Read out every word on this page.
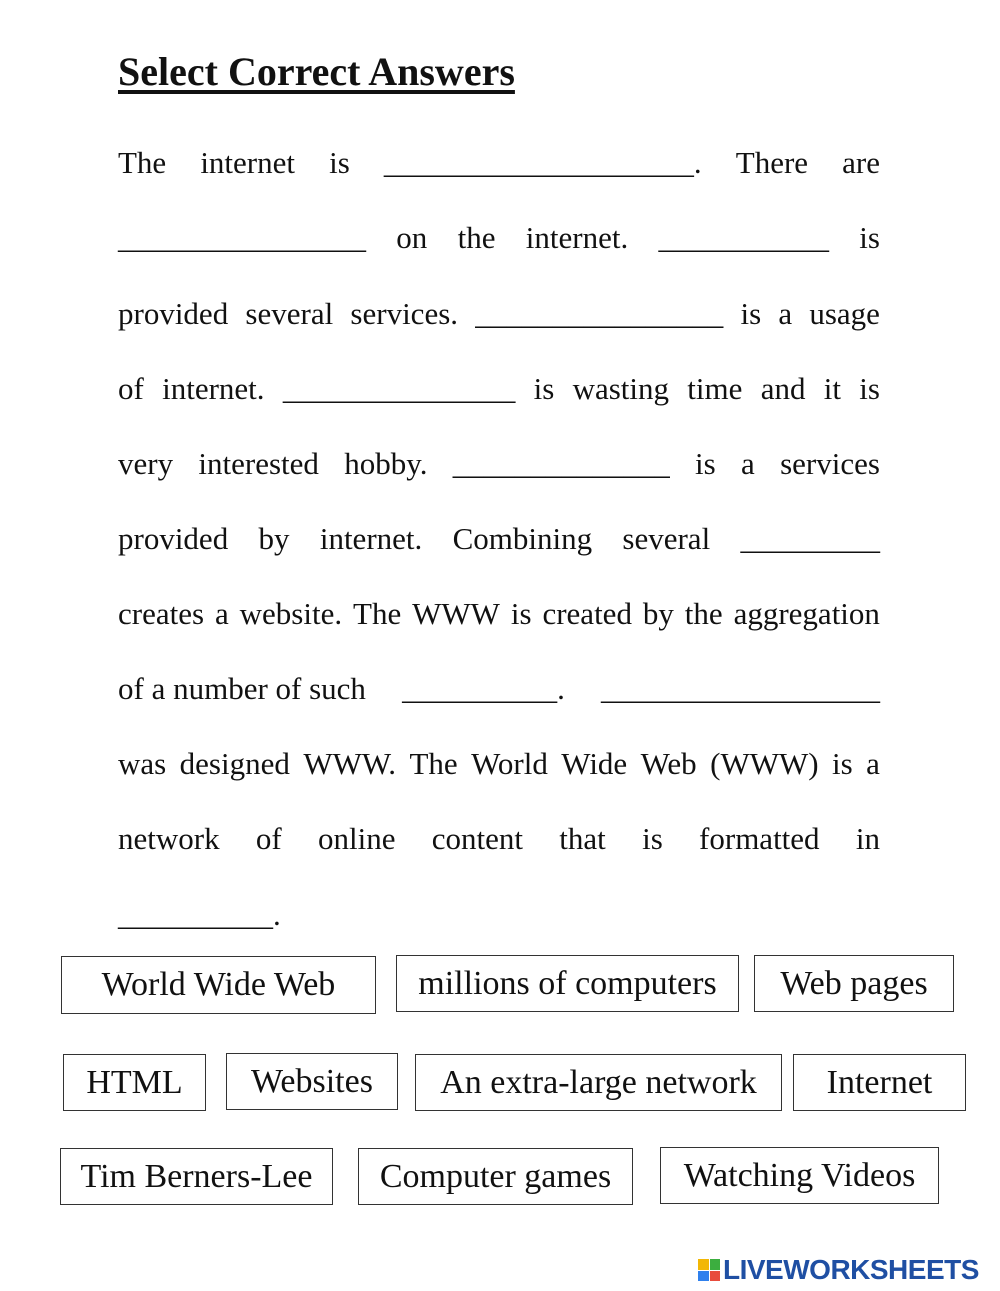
Select Correct Answers
The internet is ____________________. There are
________________ on the internet. ___________ is
provided several services. ________________ is a usage
of internet. _______________ is wasting time and it is
very interested hobby. ______________ is a services
provided by internet. Combining several _________
creates a website. The WWW is created by the aggregation
of a number of such __________. __________________
was designed WWW. The World Wide Web (WWW) is a
network of online content that is formatted in
__________.
World Wide Web	millions of computers	Web pages
HTML	Websites	An extra-large network	Internet
Tim Berners-Lee	Computer games	Watching Videos
LIVEWORKSHEETS
